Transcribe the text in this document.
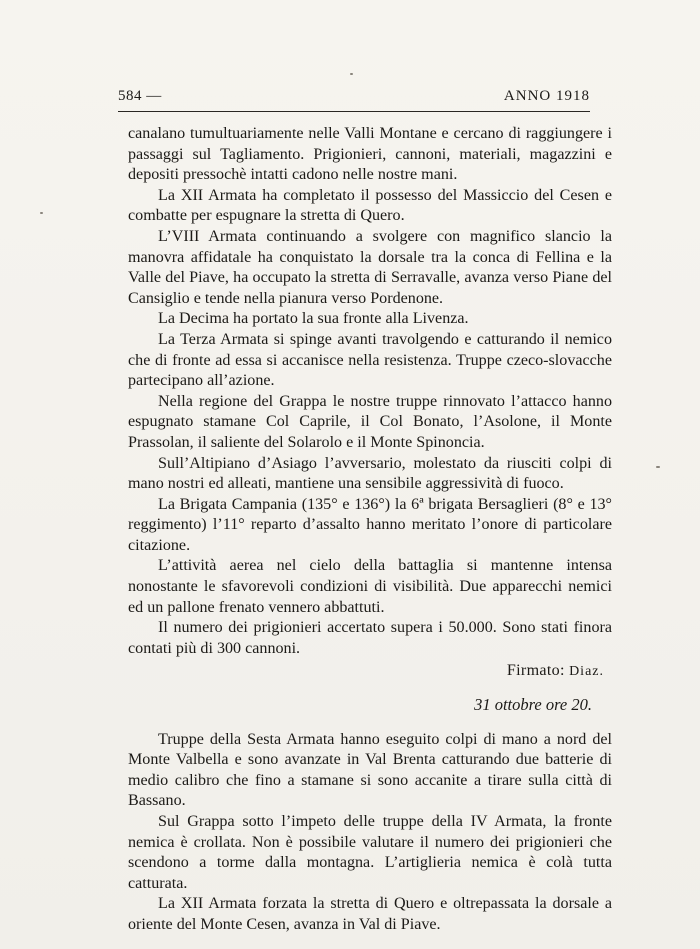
584 —	ANNO 1918

canalano tumultuariamente nelle Valli Montane e cercano di raggiungere i passaggi sul Tagliamento. Prigionieri, cannoni, materiali, magazzini e depositi pressochè intatti cadono nelle nostre mani.

La XII Armata ha completato il possesso del Massiccio del Cesen e combatte per espugnare la stretta di Quero.

L’VIII Armata continuando a svolgere con magnifico slancio la manovra affidatale ha conquistato la dorsale tra la conca di Fellina e la Valle del Piave, ha occupato la stretta di Serravalle, avanza verso Piane del Cansiglio e tende nella pianura verso Pordenone.

La Decima ha portato la sua fronte alla Livenza.

La Terza Armata si spinge avanti travolgendo e catturando il nemico che di fronte ad essa si accanisce nella resistenza. Truppe czeco-slovacche partecipano all’azione.

Nella regione del Grappa le nostre truppe rinnovato l’attacco hanno espugnato stamane Col Caprile, il Col Bonato, l’Asolone, il Monte Prassolan, il saliente del Solarolo e il Monte Spinoncia.

Sull’Altipiano d’Asiago l’avversario, molestato da riusciti colpi di mano nostri ed alleati, mantiene una sensibile aggressività di fuoco.

La Brigata Campania (135° e 136°) la 6ª brigata Bersaglieri (8° e 13° reggimento) l’11° reparto d’assalto hanno meritato l’onore di particolare citazione.

L’attività aerea nel cielo della battaglia si mantenne intensa nonostante le sfavorevoli condizioni di visibilità. Due apparecchi nemici ed un pallone frenato vennero abbattuti.

Il numero dei prigionieri accertato supera i 50.000. Sono stati finora contati più di 300 cannoni.

Firmato: Diaz.

31 ottobre ore 20.

Truppe della Sesta Armata hanno eseguito colpi di mano a nord del Monte Valbella e sono avanzate in Val Brenta catturando due batterie di medio calibro che fino a stamane si sono accanite a tirare sulla città di Bassano.

Sul Grappa sotto l’impeto delle truppe della IV Armata, la fronte nemica è crollata. Non è possibile valutare il numero dei prigionieri che scendono a torme dalla montagna. L’artiglieria nemica è colà tutta catturata.

La XII Armata forzata la stretta di Quero e oltrepassata la dorsale a oriente del Monte Cesen, avanza in Val di Piave.
